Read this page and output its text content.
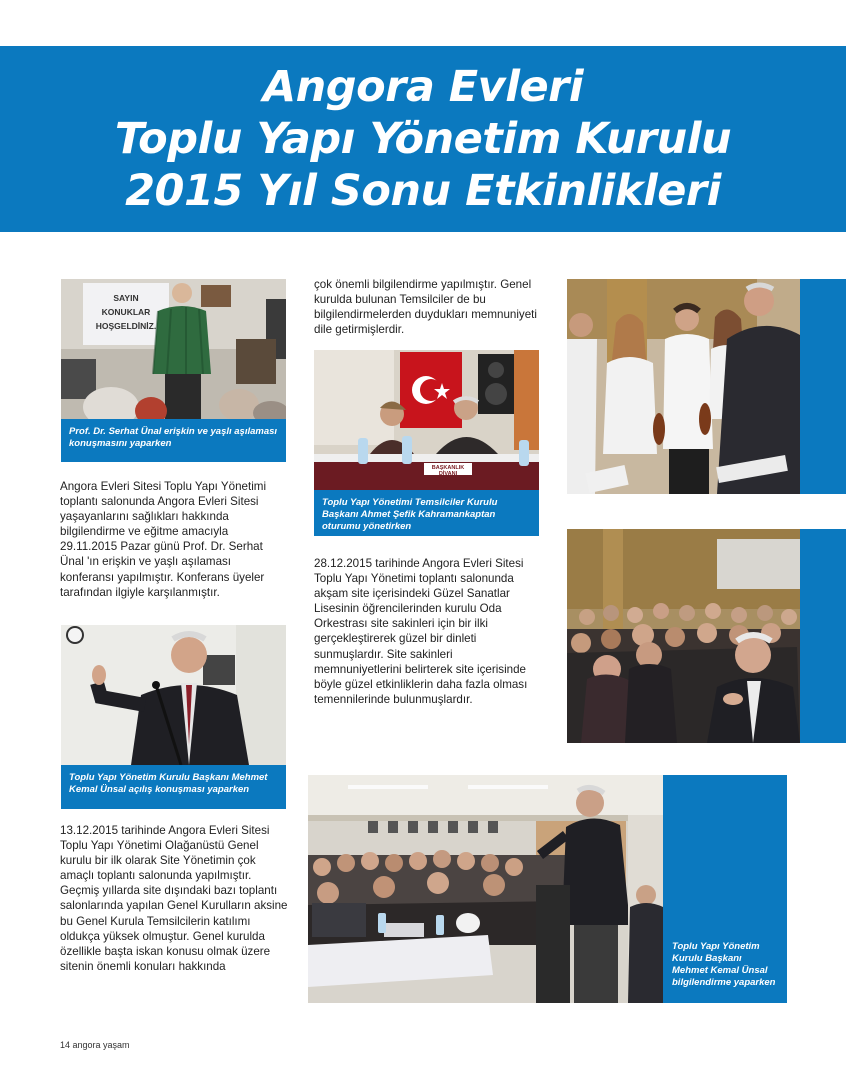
Angora Evleri
Toplu Yapı Yönetim Kurulu
2015 Yıl Sonu Etkinlikleri
SAYIN
KONUKLAR
HOŞGELDİNİZ.
Prof. Dr. Serhat Ünal erişkin ve yaşlı aşılaması konuşmasını yaparken
Angora Evleri Sitesi Toplu Yapı Yönetimi toplantı salonunda Angora Evleri Sitesi yaşayanlarını sağlıkları hakkında bilgilendirme ve eğitme amacıyla 29.11.2015 Pazar günü Prof. Dr. Serhat Ünal 'ın erişkin ve yaşlı aşılaması konferansı yapılmıştır. Konferans üyeler tarafından ilgiyle karşılanmıştır.
Toplu Yapı Yönetim Kurulu Başkanı Mehmet Kemal Ünsal açılış konuşması yaparken
13.12.2015 tarihinde Angora Evleri Sitesi Toplu Yapı Yönetimi Olağanüstü Genel kurulu bir ilk olarak Site Yönetimin çok amaçlı toplantı salonunda yapılmıştır. Geçmiş yıllarda site dışındaki bazı toplantı salonlarında yapılan Genel Kurulların aksine bu Genel Kurula Temsilcilerin katılımı oldukça yüksek olmuştur. Genel kurulda özellikle başta iskan konusu olmak üzere sitenin önemli konuları hakkında
çok önemli bilgilendirme yapılmıştır. Genel kurulda bulunan Temsilciler de bu bilgilendirmelerden duydukları memnuniyeti dile getirmişlerdir.
BAŞKANLIK DİVANI
Toplu Yapı Yönetimi Temsilciler Kurulu Başkanı Ahmet Şefik Kahramankaptan oturumu yönetirken
28.12.2015 tarihinde Angora Evleri Sitesi Toplu Yapı Yönetimi toplantı salonunda akşam site içerisindeki Güzel Sanatlar Lisesinin öğrencilerinden kurulu Oda Orkestrası site sakinleri için bir ilki gerçekleştirerek güzel bir dinleti sunmuşlardır. Site sakinleri memnuniyetlerini belirterek site içerisinde böyle güzel etkinliklerin daha fazla olması temennilerinde bulunmuşlardır.
Toplu Yapı Yönetim Kurulu Başkanı Mehmet Kemal Ünsal bilgilendirme yaparken
14 angora yaşam
